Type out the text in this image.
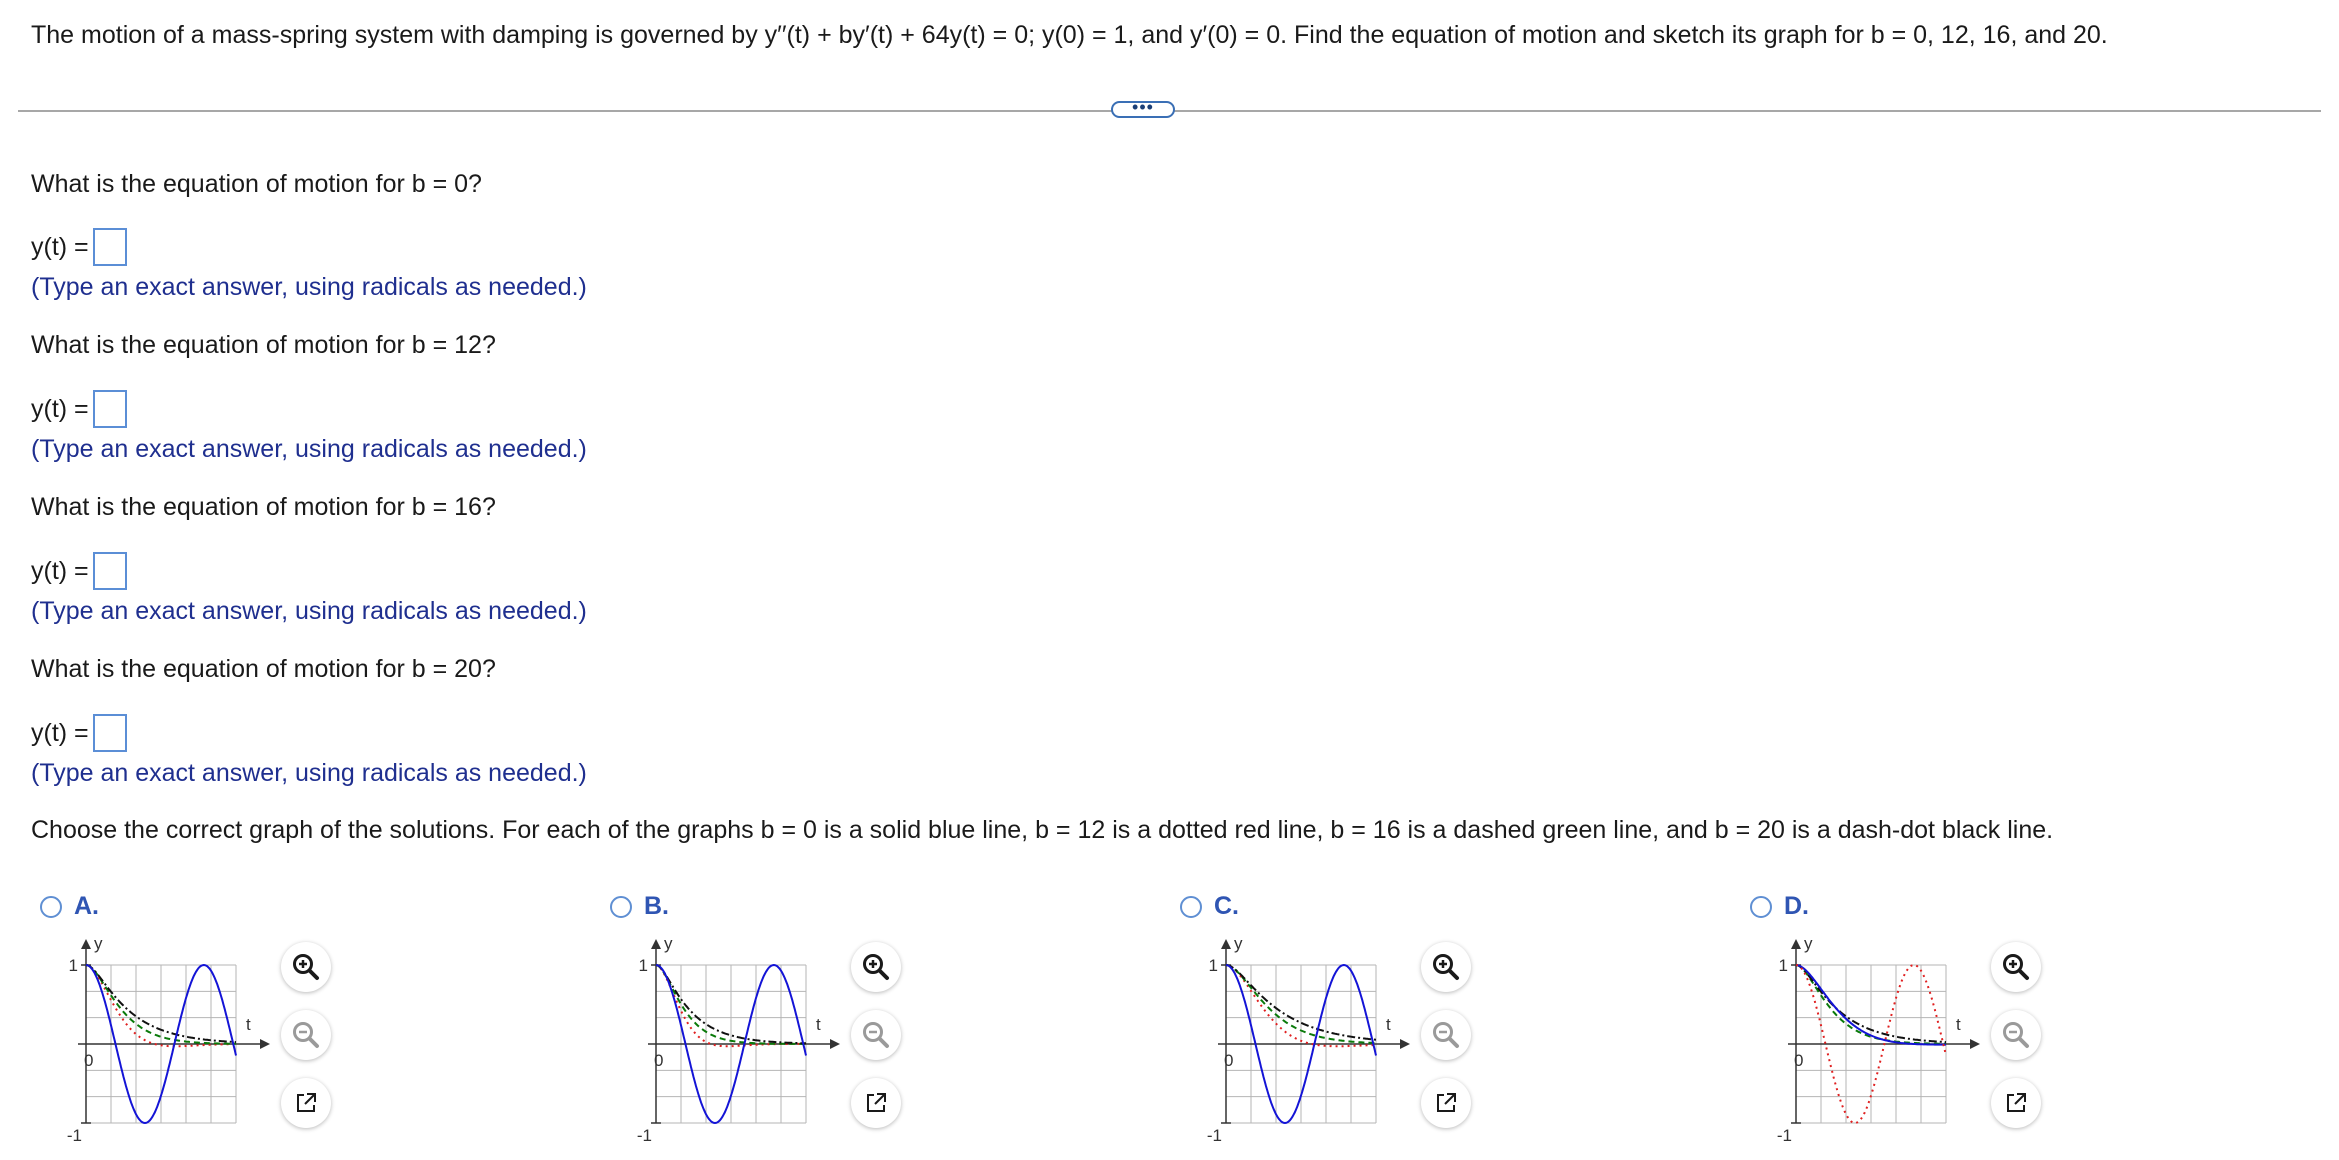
The motion of a mass-spring system with damping is governed by y′′(t) + by′(t) + 64y(t) = 0; y(0) = 1, and y′(0) = 0. Find the equation of motion and sketch its graph for b = 0, 12, 16, and 20.
•••
What is the equation of motion for b = 0?
y(t) =
(Type an exact answer, using radicals as needed.)
What is the equation of motion for b = 12?
y(t) =
(Type an exact answer, using radicals as needed.)
What is the equation of motion for b = 16?
y(t) =
(Type an exact answer, using radicals as needed.)
What is the equation of motion for b = 20?
y(t) =
(Type an exact answer, using radicals as needed.)
Choose the correct graph of the solutions. For each of the graphs b = 0 is a solid blue line, b = 12 is a dotted red line, b = 16 is a dashed green line, and b = 20 is a dash-dot black line.
A.
y
t
1
-1
0
B.
y
t
1
-1
0
C.
y
t
1
-1
0
D.
y
t
1
-1
0
